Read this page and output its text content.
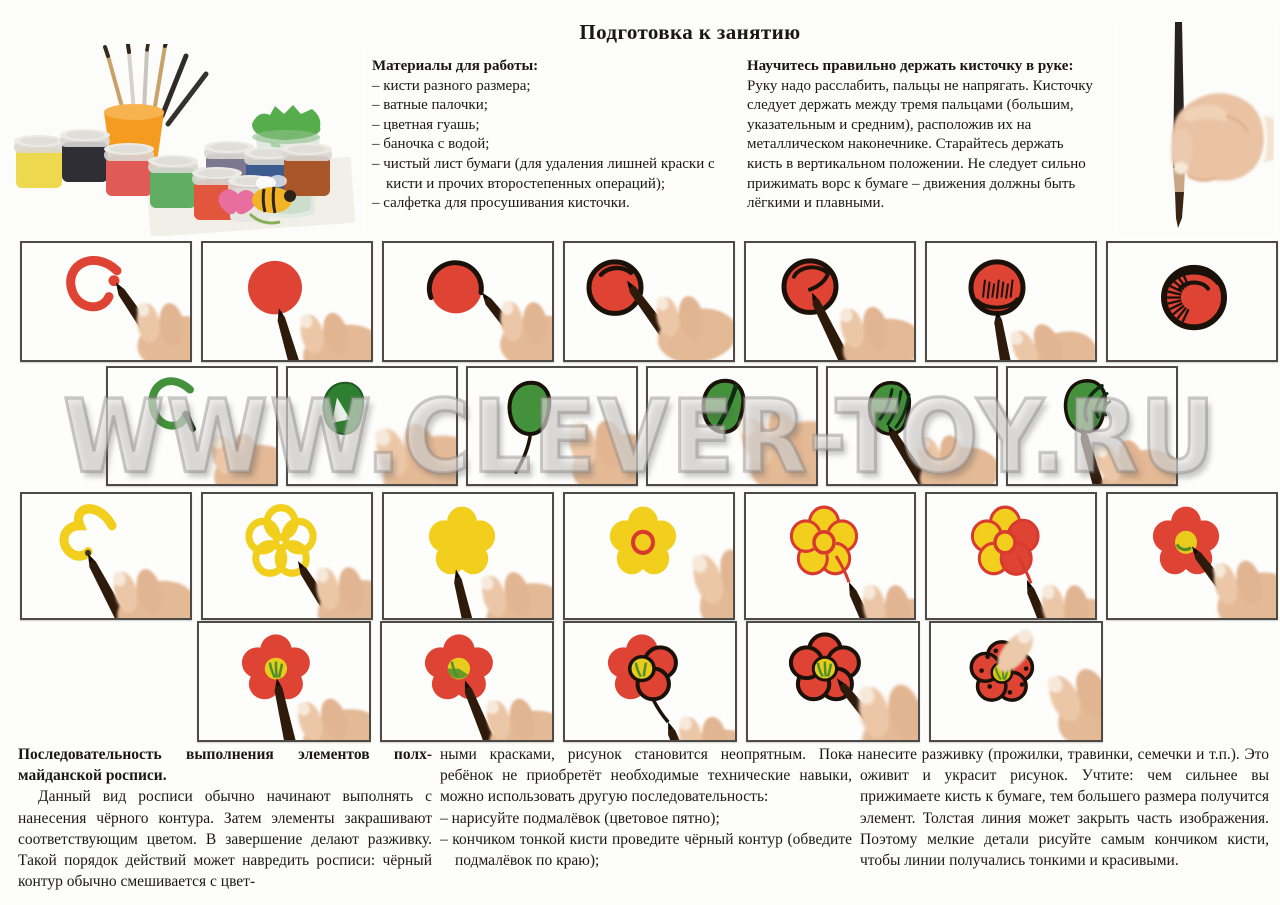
Подготовка к занятию
Материалы для работы:
– кисти разного размера;
– ватные палочки;
– цветная гуашь;
– баночка с водой;
– чистый лист бумаги (для удаления лишней краски с кисти и прочих второстепенных операций);
– салфетка для просушивания кисточки.
Научитесь правильно держать кисточку в руке:

Руку надо расслабить, пальцы не напрягать. Кисточку следует держать между тремя пальцами (большим, указательным и средним), расположив их на металлическом наконечнике. Старайтесь держать кисть в вертикальном положении. Не следует сильно прижимать ворс к бумаге – движения должны быть лёгкими и плавными.

WWW.CLEVER-TOY.RU
Последовательность выполнения элементов полх-майданской росписи.

Данный вид росписи обычно начинают выполнять с нанесения чёрного контура. Затем элементы закрашивают соответствующим цветом. В завершение делают разживку. Такой порядок действий может навредить росписи: чёрный контур обычно смешивается с цвет-

ными красками, рисунок становится неопрятным. Пока ребёнок не приобретёт необходимые технические навыки, можно использовать другую последовательность:

– нарисуйте подмалёвок (цветовое пятно);
– кончиком тонкой кисти проведите чёрный контур (обведите подмалёвок по краю);
– нанесите разживку (прожилки, травинки, семечки и т.п.). Это оживит и украсит рисунок. Учтите: чем сильнее вы прижимаете кисть к бумаге, тем большего размера получится элемент. Толстая линия может закрыть часть изображения. Поэтому мелкие детали рисуйте самым кончиком кисти, чтобы линии получались тонкими и красивыми.
